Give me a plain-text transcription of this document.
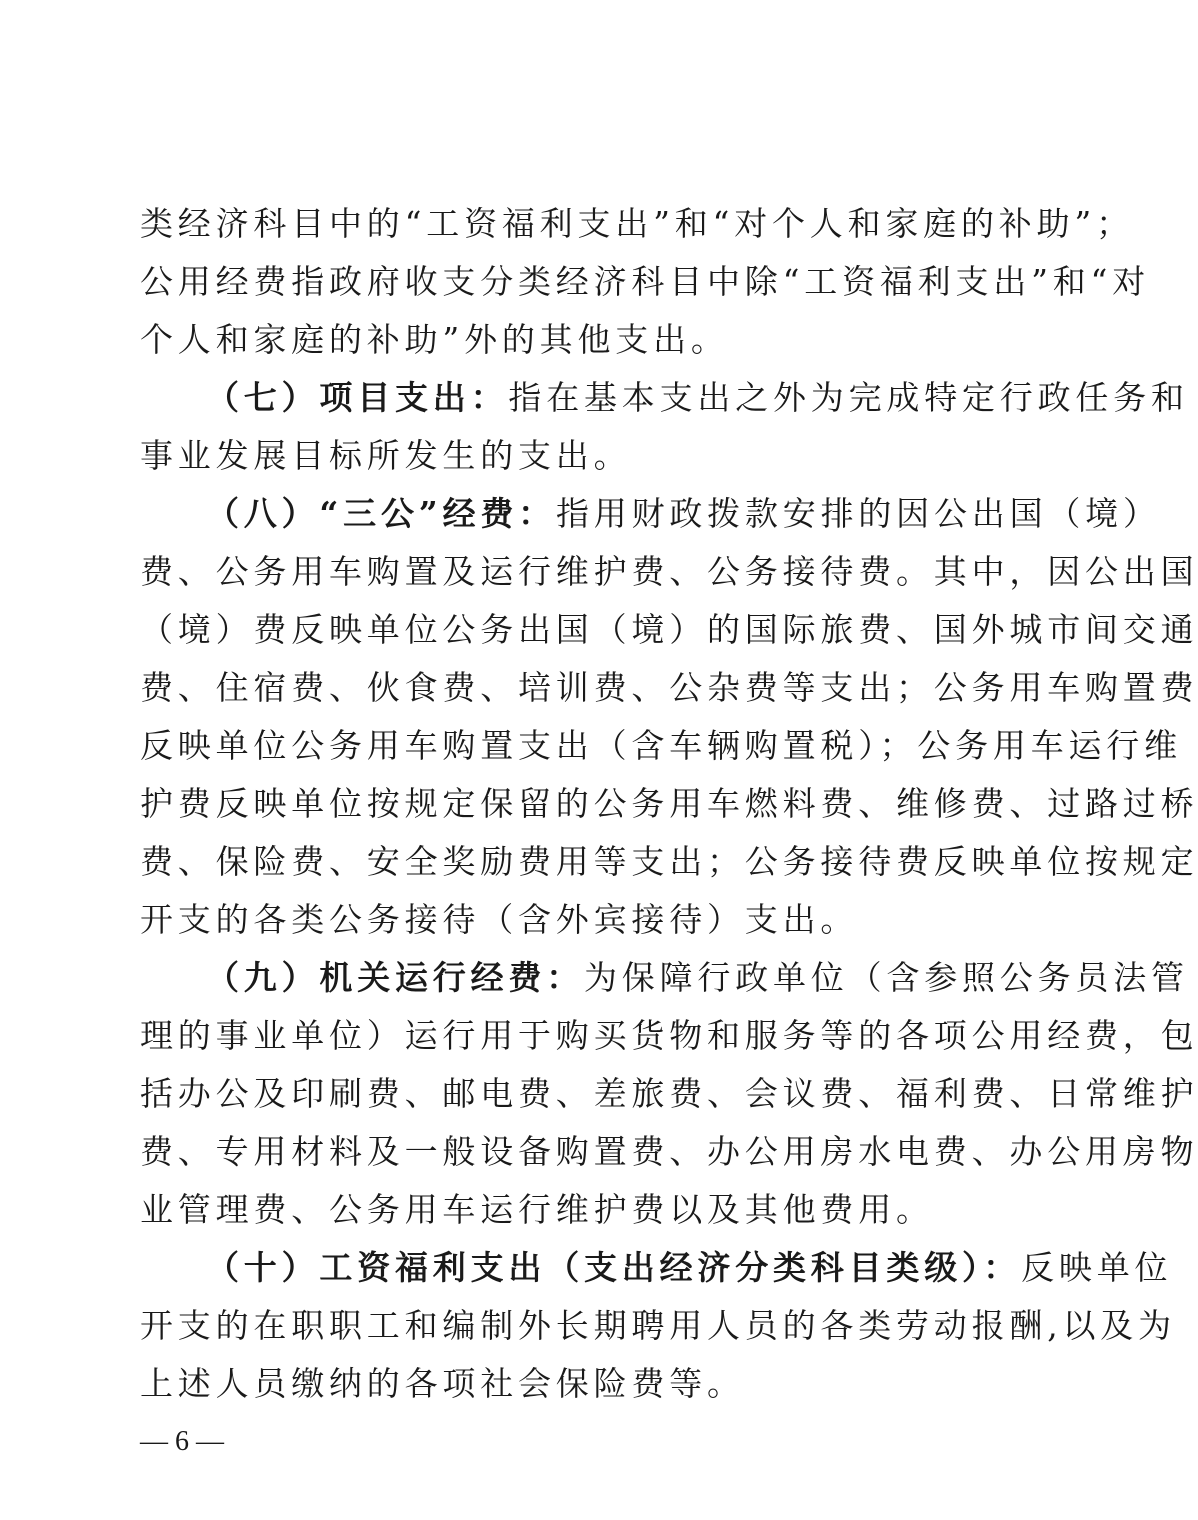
类经济科目中的“工资福利支出”和“对个人和家庭的补助”；
公用经费指政府收支分类经济科目中除“工资福利支出”和“对
个人和家庭的补助”外的其他支出。
（七）项目支出：指在基本支出之外为完成特定行政任务和
事业发展目标所发生的支出。
（八）“三公”经费：指用财政拨款安排的因公出国（境）
费、公务用车购置及运行维护费、公务接待费。其中，因公出国
（境）费反映单位公务出国（境）的国际旅费、国外城市间交通
费、住宿费、伙食费、培训费、公杂费等支出；公务用车购置费
反映单位公务用车购置支出（含车辆购置税）；公务用车运行维
护费反映单位按规定保留的公务用车燃料费、维修费、过路过桥
费、保险费、安全奖励费用等支出；公务接待费反映单位按规定
开支的各类公务接待（含外宾接待）支出。
（九）机关运行经费：为保障行政单位（含参照公务员法管
理的事业单位）运行用于购买货物和服务等的各项公用经费，包
括办公及印刷费、邮电费、差旅费、会议费、福利费、日常维护
费、专用材料及一般设备购置费、办公用房水电费、办公用房物
业管理费、公务用车运行维护费以及其他费用。
（十）工资福利支出（支出经济分类科目类级）：反映单位
开支的在职职工和编制外长期聘用人员的各类劳动报酬,以及为
上述人员缴纳的各项社会保险费等。
— 6 —
